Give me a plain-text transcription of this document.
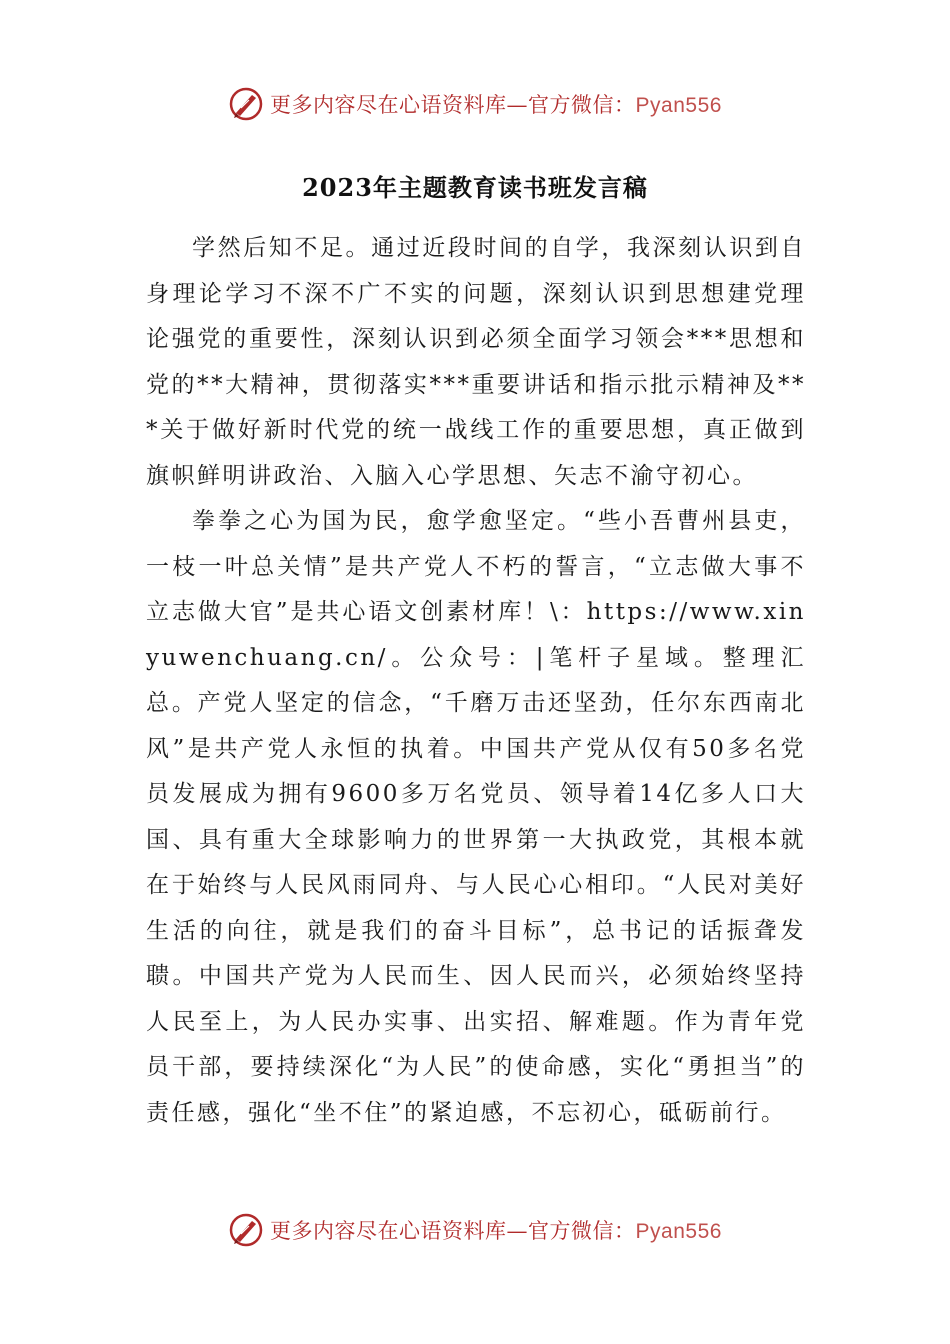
更多内容尽在心语资料库—官方微信：Pyan556
2023年主题教育读书班发言稿

学然后知不足。通过近段时间的自学，我深刻认识到自身理论学习不深不广不实的问题，深刻认识到思想建党理论强党的重要性，深刻认识到必须全面学习领会***思想和党的**大精神，贯彻落实***重要讲话和指示批示精神及***关于做好新时代党的统一战线工作的重要思想，真正做到旗帜鲜明讲政治、入脑入心学思想、矢志不渝守初心。

拳拳之心为国为民，愈学愈坚定。“些小吾曹州县吏，一枝一叶总关情”是共产党人不朽的誓言，“立志做大事不立志做大官”是共心语文创素材库！\：https://www.xinyuwenchuang.cn/。公众号：|笔杆子星域。整理汇总。产党人坚定的信念，“千磨万击还坚劲，任尔东西南北风”是共产党人永恒的执着。中国共产党从仅有50多名党员发展成为拥有9600多万名党员、领导着14亿多人口大国、具有重大全球影响力的世界第一大执政党，其根本就在于始终与人民风雨同舟、与人民心心相印。“人民对美好生活的向往，就是我们的奋斗目标”，总书记的话振聋发聩。中国共产党为人民而生、因人民而兴，必须始终坚持人民至上，为人民办实事、出实招、解难题。作为青年党员干部，要持续深化“为人民”的使命感，实化“勇担当”的责任感，强化“坐不住”的紧迫感，不忘初心，砥砺前行。

更多内容尽在心语资料库—官方微信：Pyan556
